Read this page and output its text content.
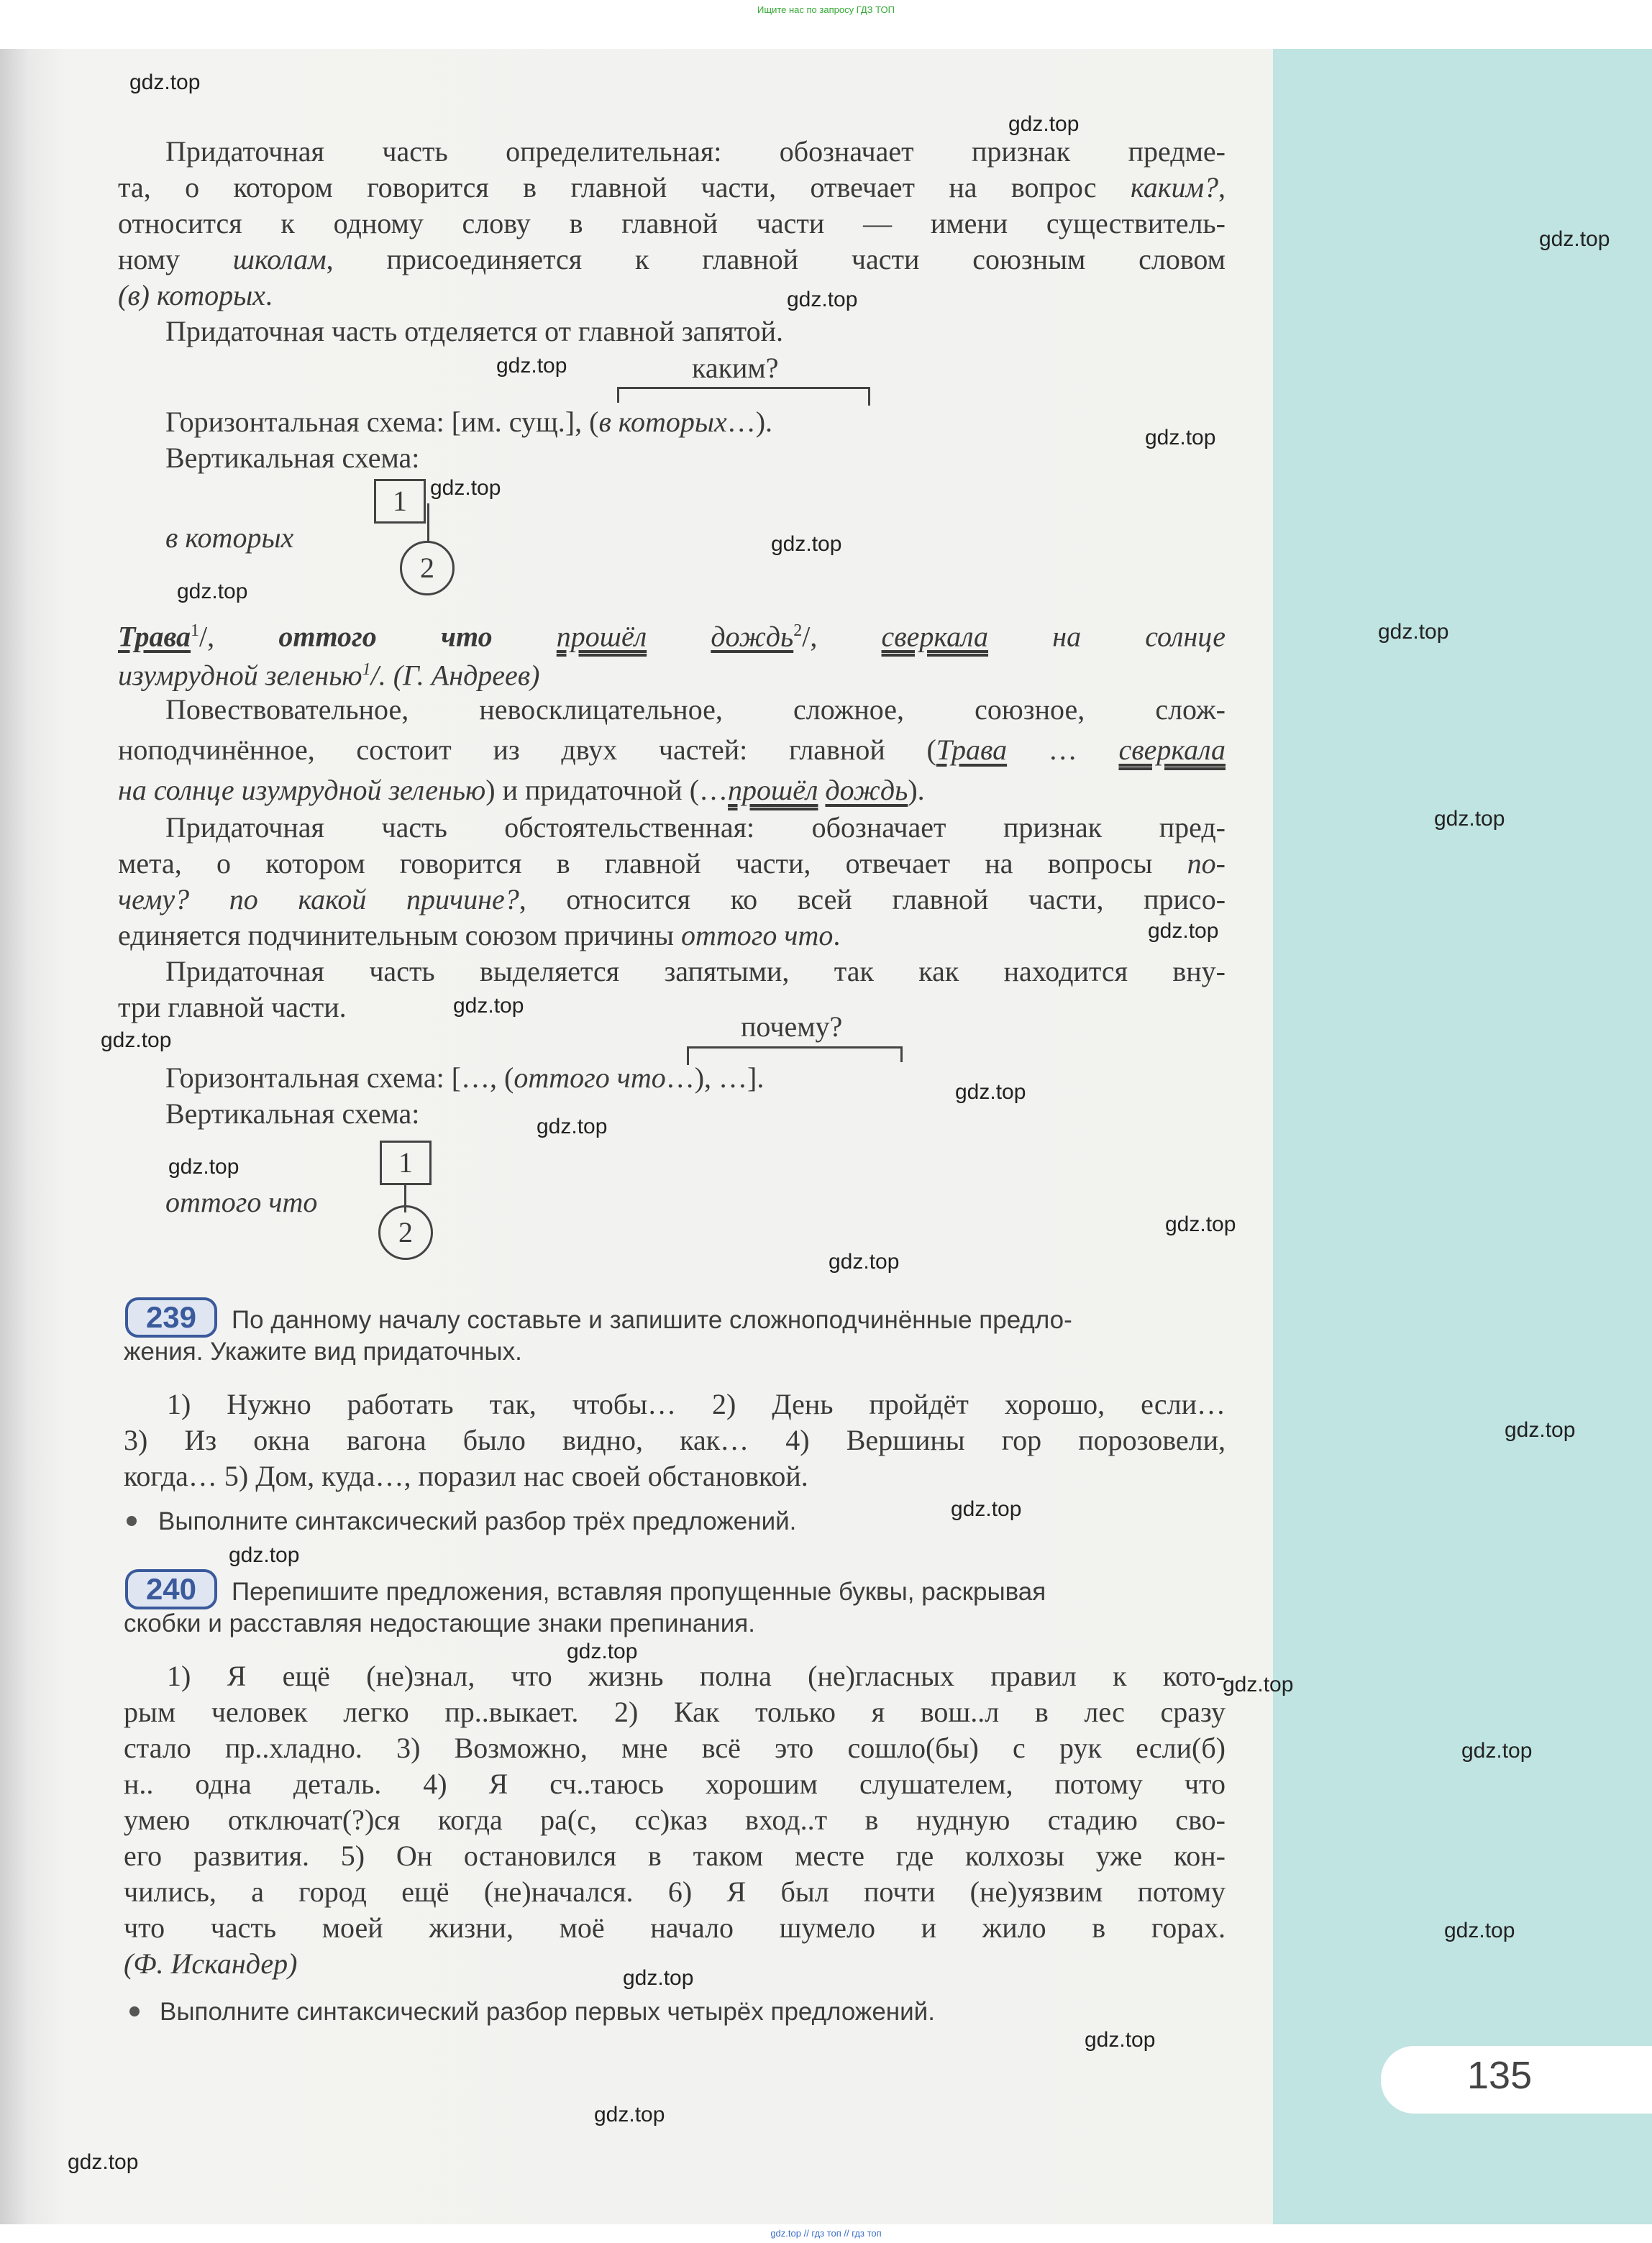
Ищите нас по запросу ГДЗ ТОП
135
Придаточная часть определительная: обозначает признак предме-
та, о котором говорится в главной части, отвечает на вопрос каким?,
относится к одному слову в главной части — имени существитель-
ному школам, присоединяется к главной части союзным словом
(в) которых.
Придаточная часть отделяется от главной запятой.
каким?
Горизонтальная схема: [им. сущ.], (в которых…).
Вертикальная схема:
1
в которых
2
Трава$^1$/, оттого что прошёл дождь$^2$/, сверкала на солнце
изумрудной зеленью$^1$/. (Г. Андреев)
Повествовательное, невосклицательное, сложное, союзное, слож-
ноподчинённое, состоит из двух частей: главной (Трава … сверкала
на солнце изумрудной зеленью) и придаточной (…прошёл дождь).
Придаточная часть обстоятельственная: обозначает признак пред-
мета, о котором говорится в главной части, отвечает на вопросы по-
чему? по какой причине?, относится ко всей главной части, присо-
единяется подчинительным союзом причины оттого что.
Придаточная часть выделяется запятыми, так как находится вну-
три главной части.
почему?
Горизонтальная схема: […, (оттого что…), …].
Вертикальная схема:
1
оттого что
2
239	По данному началу составьте и запишите сложноподчинённые предло-
жения. Укажите вид придаточных.
1) Нужно работать так, чтобы… 2) День пройдёт хорошо, если…
3) Из окна вагона было видно, как… 4) Вершины гор порозовели,
когда… 5) Дом, куда…, поразил нас своей обстановкой.
Выполните синтаксический разбор трёх предложений.
240	Перепишите предложения, вставляя пропущенные буквы, раскрывая
скобки и расставляя недостающие знаки препинания.
1) Я ещё (не)знал, что жизнь полна (не)гласных правил к кото-
рым человек легко пр..выкает. 2) Как только я вош..л в лес сразу
стало пр..хладно. 3) Возможно, мне всё это сошло(бы) с рук если(б)
н.. одна деталь. 4) Я сч..таюсь хорошим слушателем, потому что
умею отключат(?)ся когда ра(с, сс)каз вход..т в нудную стадию сво-
его развития. 5) Он остановился в таком месте где колхозы уже кон-
чились, а город ещё (не)начался. 6) Я был почти (не)уязвим потому
что часть моей жизни, моё начало шумело и жило в горах.
(Ф. Искандер)
Выполните синтаксический разбор первых четырёх предложений.
gdz.top
gdz.top
gdz.top
gdz.top
gdz.top
gdz.top
gdz.top
gdz.top
gdz.top
gdz.top
gdz.top
gdz.top
gdz.top
gdz.top
gdz.top
gdz.top
gdz.top
gdz.top
gdz.top
gdz.top
gdz.top
gdz.top
gdz.top
gdz.top
gdz.top
gdz.top
gdz.top
gdz.top
gdz.top
gdz.top
gdz.top // гдз топ // гдз топ
